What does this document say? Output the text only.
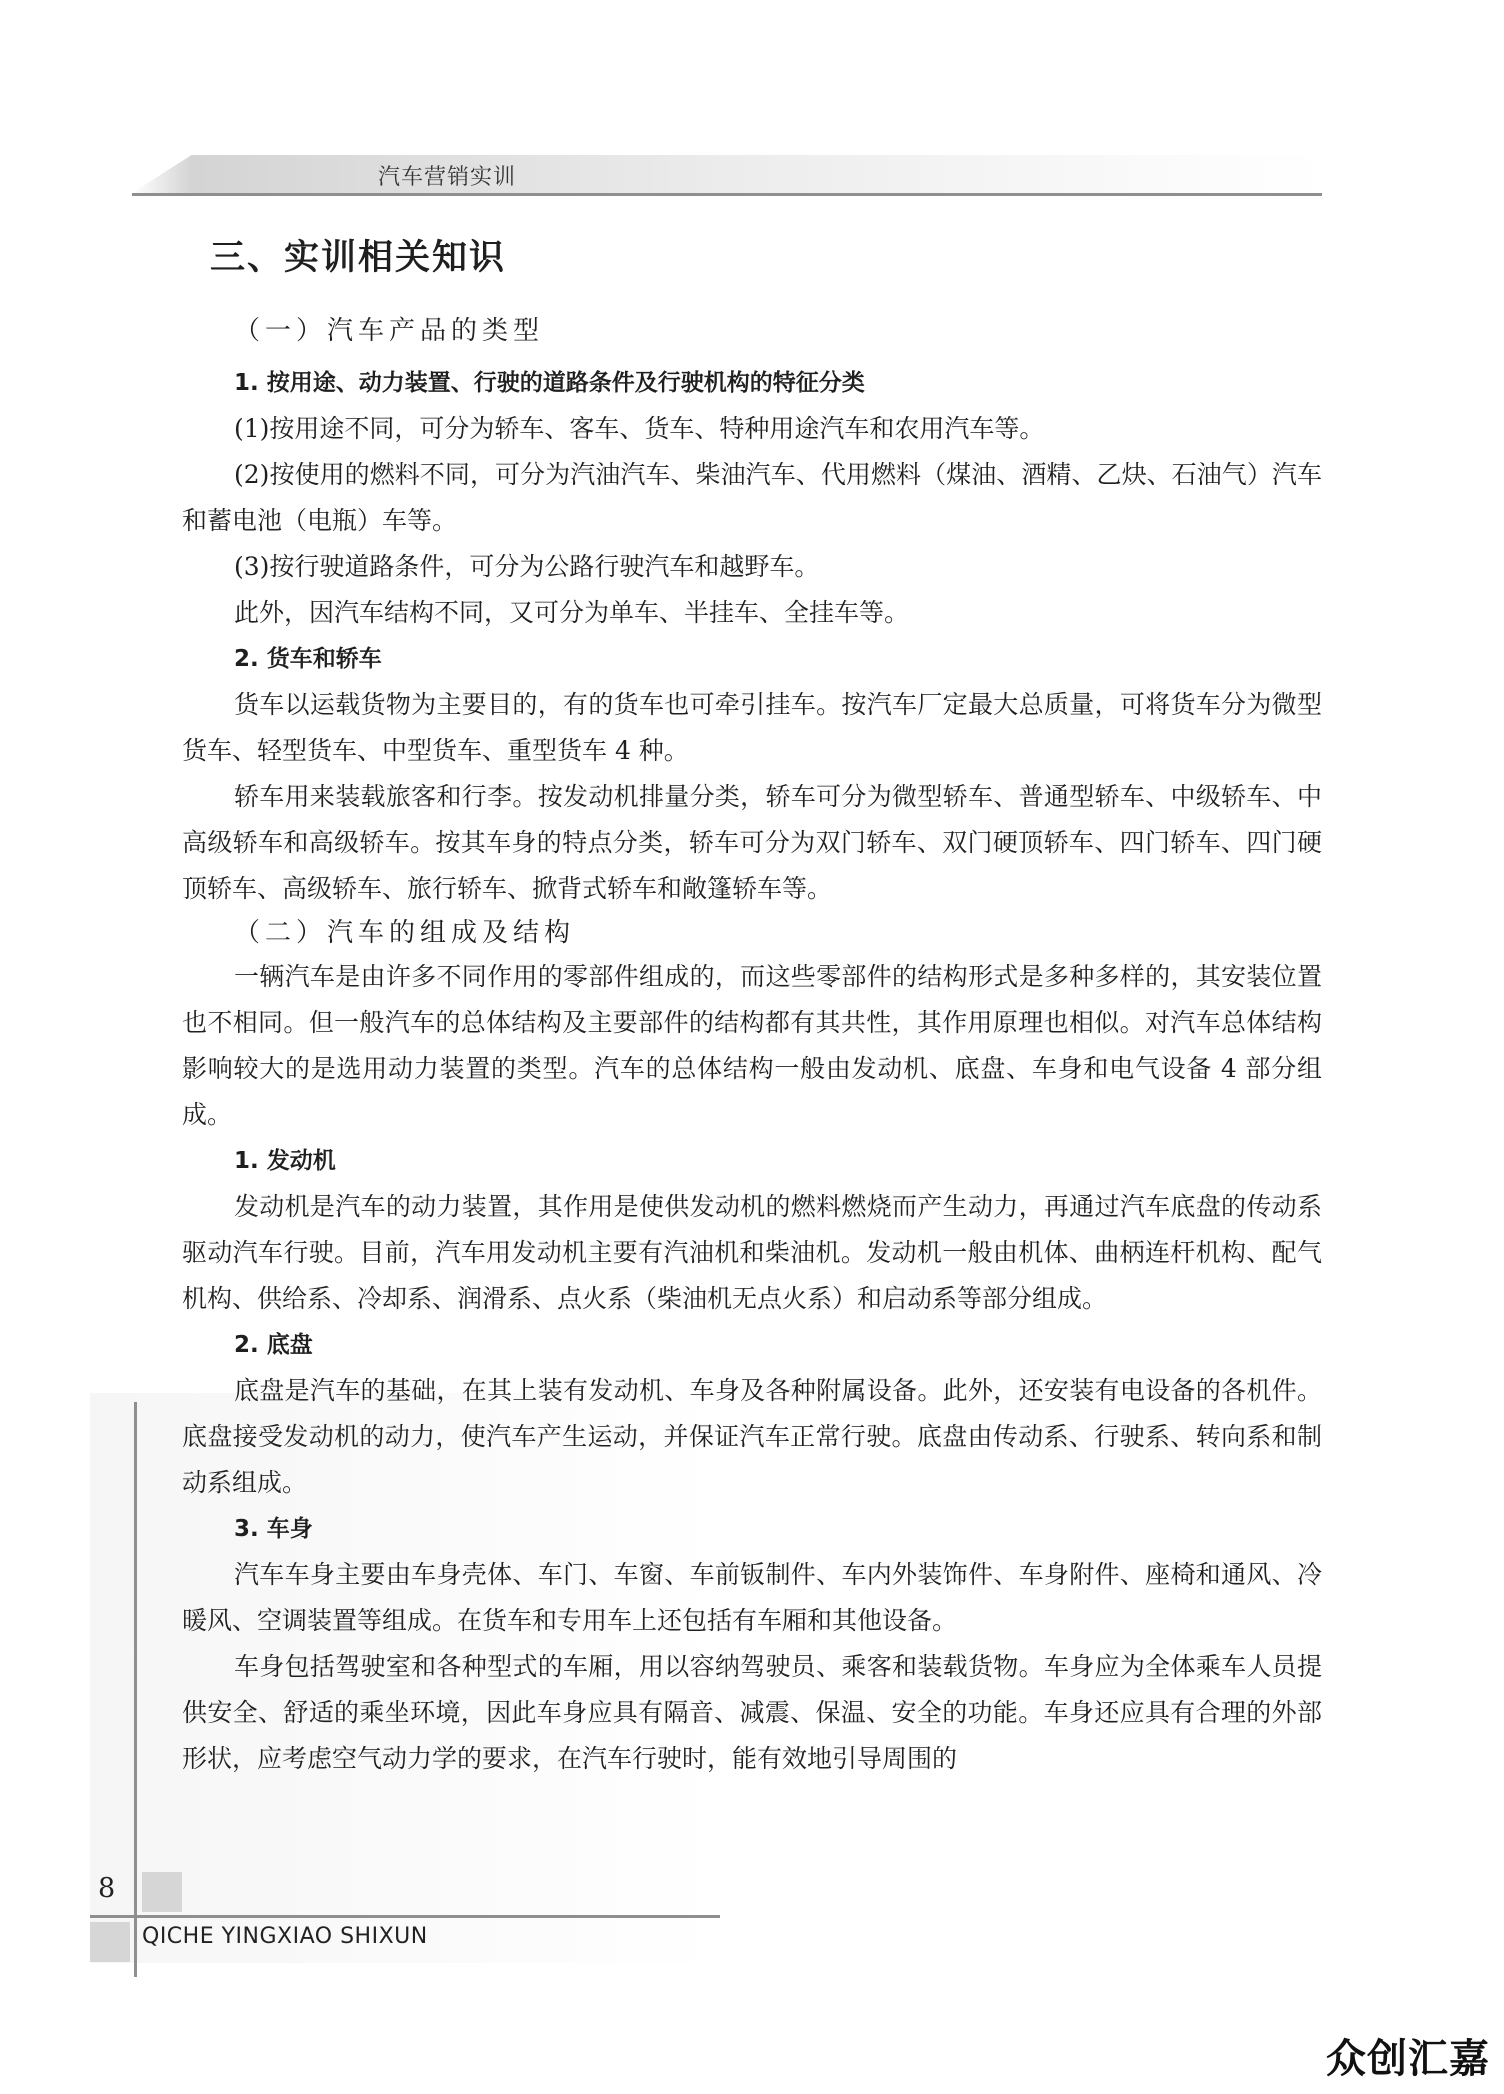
汽车营销实训
三、实训相关知识
（一）汽车产品的类型
1. 按用途、动力装置、行驶的道路条件及行驶机构的特征分类

(1)按用途不同，可分为轿车、客车、货车、特种用途汽车和农用汽车等。

(2)按使用的燃料不同，可分为汽油汽车、柴油汽车、代用燃料（煤油、酒精、乙炔、石油气）汽车和蓄电池（电瓶）车等。

(3)按行驶道路条件，可分为公路行驶汽车和越野车。

此外，因汽车结构不同，又可分为单车、半挂车、全挂车等。

2. 货车和轿车

货车以运载货物为主要目的，有的货车也可牵引挂车。按汽车厂定最大总质量，可将货车分为微型货车、轻型货车、中型货车、重型货车 4 种。

轿车用来装载旅客和行李。按发动机排量分类，轿车可分为微型轿车、普通型轿车、中级轿车、中高级轿车和高级轿车。按其车身的特点分类，轿车可分为双门轿车、双门硬顶轿车、四门轿车、四门硬顶轿车、高级轿车、旅行轿车、掀背式轿车和敞篷轿车等。

（二）汽车的组成及结构

一辆汽车是由许多不同作用的零部件组成的，而这些零部件的结构形式是多种多样的，其安装位置也不相同。但一般汽车的总体结构及主要部件的结构都有其共性，其作用原理也相似。对汽车总体结构影响较大的是选用动力装置的类型。汽车的总体结构一般由发动机、底盘、车身和电气设备 4 部分组成。

1. 发动机

发动机是汽车的动力装置，其作用是使供发动机的燃料燃烧而产生动力，再通过汽车底盘的传动系驱动汽车行驶。目前，汽车用发动机主要有汽油机和柴油机。发动机一般由机体、曲柄连杆机构、配气机构、供给系、冷却系、润滑系、点火系（柴油机无点火系）和启动系等部分组成。

2. 底盘

底盘是汽车的基础，在其上装有发动机、车身及各种附属设备。此外，还安装有电设备的各机件。底盘接受发动机的动力，使汽车产生运动，并保证汽车正常行驶。底盘由传动系、行驶系、转向系和制动系组成。

3. 车身

汽车车身主要由车身壳体、车门、车窗、车前钣制件、车内外装饰件、车身附件、座椅和通风、冷暖风、空调装置等组成。在货车和专用车上还包括有车厢和其他设备。

车身包括驾驶室和各种型式的车厢，用以容纳驾驶员、乘客和装载货物。车身应为全体乘车人员提供安全、舒适的乘坐环境，因此车身应具有隔音、减震、保温、安全的功能。车身还应具有合理的外部形状，应考虑空气动力学的要求，在汽车行驶时，能有效地引导周围的

8
QICHE YINGXIAO SHIXUN
众创汇嘉
